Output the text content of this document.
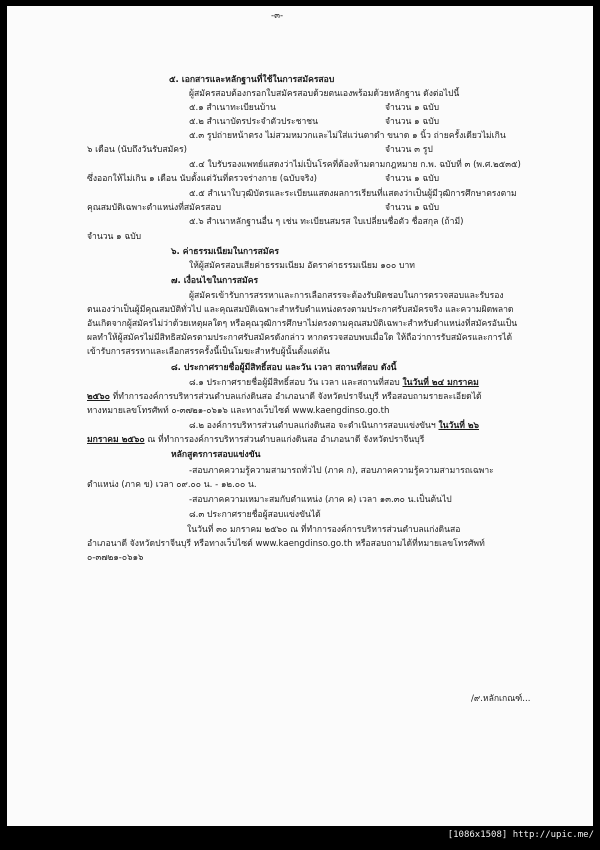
-๓-
๕. เอกสารและหลักฐานที่ใช้ในการสมัครสอบ
ผู้สมัครสอบต้องกรอกใบสมัครสอบด้วยตนเองพร้อมด้วยหลักฐาน ดังต่อไปนี้
๕.๑ สำเนาทะเบียนบ้าน	จำนวน ๑ ฉบับ
๕.๒ สำเนาบัตรประจำตัวประชาชน	จำนวน ๑ ฉบับ
๕.๓ รูปถ่ายหน้าตรง ไม่สวมหมวกและไม่ใส่แว่นตาดำ ขนาด ๑ นิ้ว ถ่ายครั้งเดียวไม่เกิน
๖ เดือน (นับถึงวันรับสมัคร)	จำนวน ๓ รูป
๕.๔ ใบรับรองแพทย์แสดงว่าไม่เป็นโรคที่ต้องห้ามตามกฎหมาย ก.พ. ฉบับที่ ๓ (พ.ศ.๒๕๓๕)
ซึ่งออกให้ไม่เกิน ๑ เดือน นับตั้งแต่วันที่ตรวจร่างกาย (ฉบับจริง)	จำนวน ๑ ฉบับ
๕.๕ สำเนาใบวุฒิบัตรและระเบียนแสดงผลการเรียนที่แสดงว่าเป็นผู้มีวุฒิการศึกษาตรงตาม
คุณสมบัติเฉพาะตำแหน่งที่สมัครสอบ	จำนวน ๑ ฉบับ
๕.๖ สำเนาหลักฐานอื่น ๆ เช่น ทะเบียนสมรส ใบเปลี่ยนชื่อตัว ชื่อสกุล (ถ้ามี)
จำนวน ๑ ฉบับ
๖. ค่าธรรมเนียมในการสมัคร
ให้ผู้สมัครสอบเสียค่าธรรมเนียม อัตราค่าธรรมเนียม ๑๐๐ บาท
๗. เงื่อนไขในการสมัคร
ผู้สมัครเข้ารับการสรรหาและการเลือกสรรจะต้องรับผิดชอบในการตรวจสอบและรับรอง
ตนเองว่าเป็นผู้มีคุณสมบัติทั่วไป และคุณสมบัติเฉพาะสำหรับตำแหน่งตรงตามประกาศรับสมัครจริง และความผิดพลาด
อันเกิดจากผู้สมัครไม่ว่าด้วยเหตุผลใดๆ หรือคุณวุฒิการศึกษาไม่ตรงตามคุณสมบัติเฉพาะสำหรับตำแหน่งที่สมัครอันเป็น
ผลทำให้ผู้สมัครไม่มีสิทธิสมัครตามประกาศรับสมัครดังกล่าว หากตรวจสอบพบเมื่อใด ให้ถือว่าการรับสมัครและการได้
เข้ารับการสรรหาและเลือกสรรครั้งนี้เป็นโมฆะสำหรับผู้นั้นตั้งแต่ต้น
๘. ประกาศรายชื่อผู้มีสิทธิ์สอบ และวัน เวลา สถานที่สอบ ดังนี้
๘.๑ ประกาศรายชื่อผู้มีสิทธิ์สอบ วัน เวลา และสถานที่สอบ ในวันที่ ๒๔ มกราคม
๒๕๖๐ ที่ทำการองค์การบริหารส่วนตำบลแก่งดินสอ อำเภอนาดี จังหวัดปราจีนบุรี หรือสอบถามรายละเอียดได้
ทางหมายเลขโทรศัพท์ ๐-๓๗๒๑-๐๖๑๖ และทางเว็บไซต์ www.kaengdinso.go.th
๘.๒ องค์การบริหารส่วนตำบลแก่งดินสอ จะดำเนินการสอบแข่งขันฯ ในวันที่ ๒๖
มกราคม ๒๕๖๐ ณ ที่ทำการองค์การบริหารส่วนตำบลแก่งดินสอ อำเภอนาดี จังหวัดปราจีนบุรี
หลักสูตรการสอบแข่งขัน
-สอบภาคความรู้ความสามารถทั่วไป (ภาค ก), สอบภาคความรู้ความสามารถเฉพาะ
ตำแหน่ง (ภาค ข) เวลา ๐๙.๐๐ น. - ๑๒.๐๐ น.
-สอบภาคความเหมาะสมกับตำแหน่ง (ภาค ค) เวลา ๑๓.๓๐ น.เป็นต้นไป
๘.๓ ประกาศรายชื่อผู้สอบแข่งขันได้
ในวันที่ ๓๐ มกราคม ๒๕๖๐ ณ ที่ทำการองค์การบริหารส่วนตำบลแก่งดินสอ
อำเภอนาดี จังหวัดปราจีนบุรี หรือทางเว็บไซต์ www.kaengdinso.go.th หรือสอบถามได้ที่หมายเลขโทรศัพท์
๐-๓๗๒๑-๐๖๑๖
/๙.หลักเกณฑ์...
[1086x1508] http://upic.me/
